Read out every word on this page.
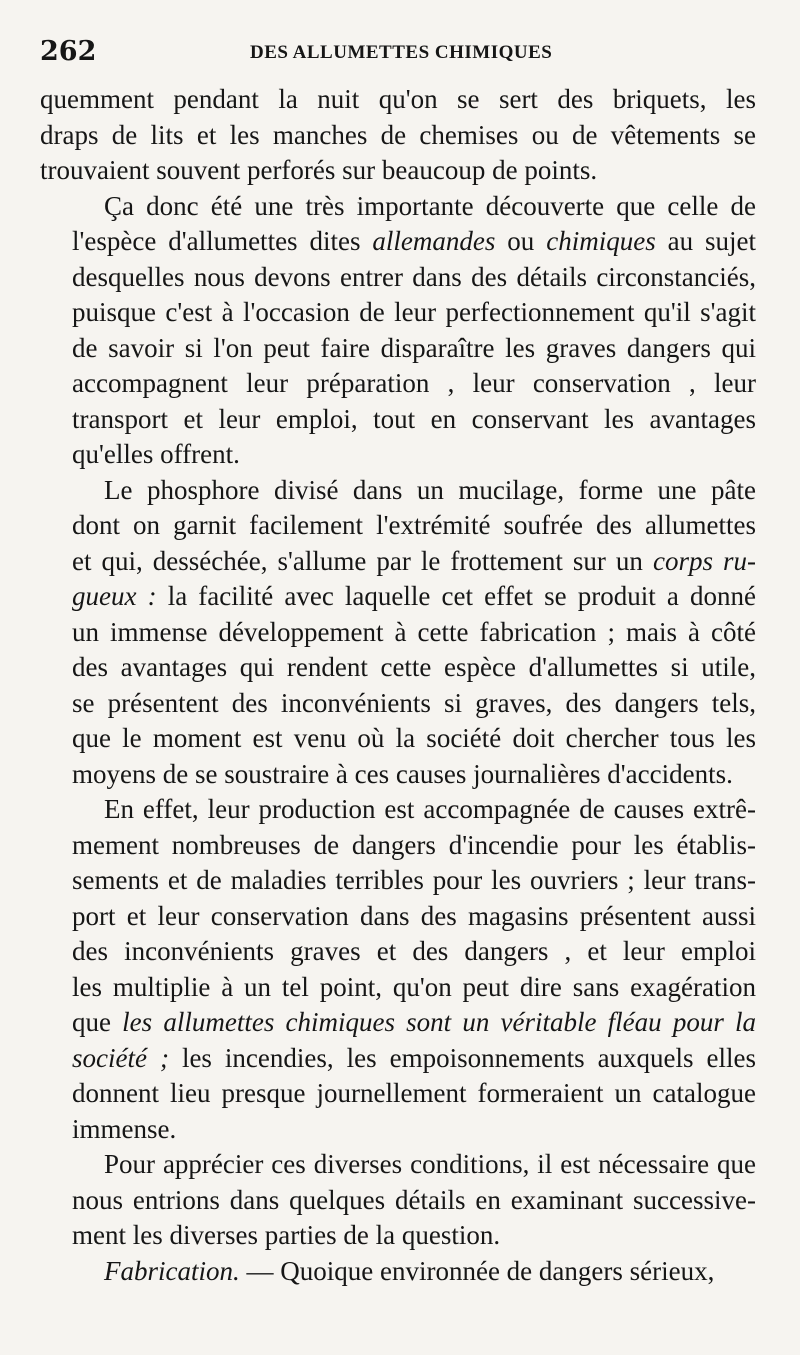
262	DES ALLUMETTES CHIMIQUES

quemment pendant la nuit qu'on se sert des briquets, les
draps de lits et les manches de chemises ou de vêtements se
trouvaient souvent perforés sur beaucoup de points.

Ça donc été une très importante découverte que celle de
l'espèce d'allumettes dites allemandes ou chimiques au sujet
desquelles nous devons entrer dans des détails circonstanciés,
puisque c'est à l'occasion de leur perfectionnement qu'il s'agit
de savoir si l'on peut faire disparaître les graves dangers qui
accompagnent leur préparation , leur conservation , leur
transport et leur emploi, tout en conservant les avantages
qu'elles offrent.

Le phosphore divisé dans un mucilage, forme une pâte
dont on garnit facilement l'extrémité soufrée des allumettes
et qui, desséchée, s'allume par le frottement sur un corps ru-
gueux : la facilité avec laquelle cet effet se produit a donné
un immense développement à cette fabrication ; mais à côté
des avantages qui rendent cette espèce d'allumettes si utile,
se présentent des inconvénients si graves, des dangers tels,
que le moment est venu où la société doit chercher tous les
moyens de se soustraire à ces causes journalières d'accidents.

En effet, leur production est accompagnée de causes extrê-
mement nombreuses de dangers d'incendie pour les établis-
sements et de maladies terribles pour les ouvriers ; leur trans-
port et leur conservation dans des magasins présentent aussi
des inconvénients graves et des dangers , et leur emploi
les multiplie à un tel point, qu'on peut dire sans exagération
que les allumettes chimiques sont un véritable fléau pour la
société ; les incendies, les empoisonnements auxquels elles
donnent lieu presque journellement formeraient un catalogue
immense.

Pour apprécier ces diverses conditions, il est nécessaire que
nous entrions dans quelques détails en examinant successive-
ment les diverses parties de la question.

Fabrication. — Quoique environnée de dangers sérieux,
